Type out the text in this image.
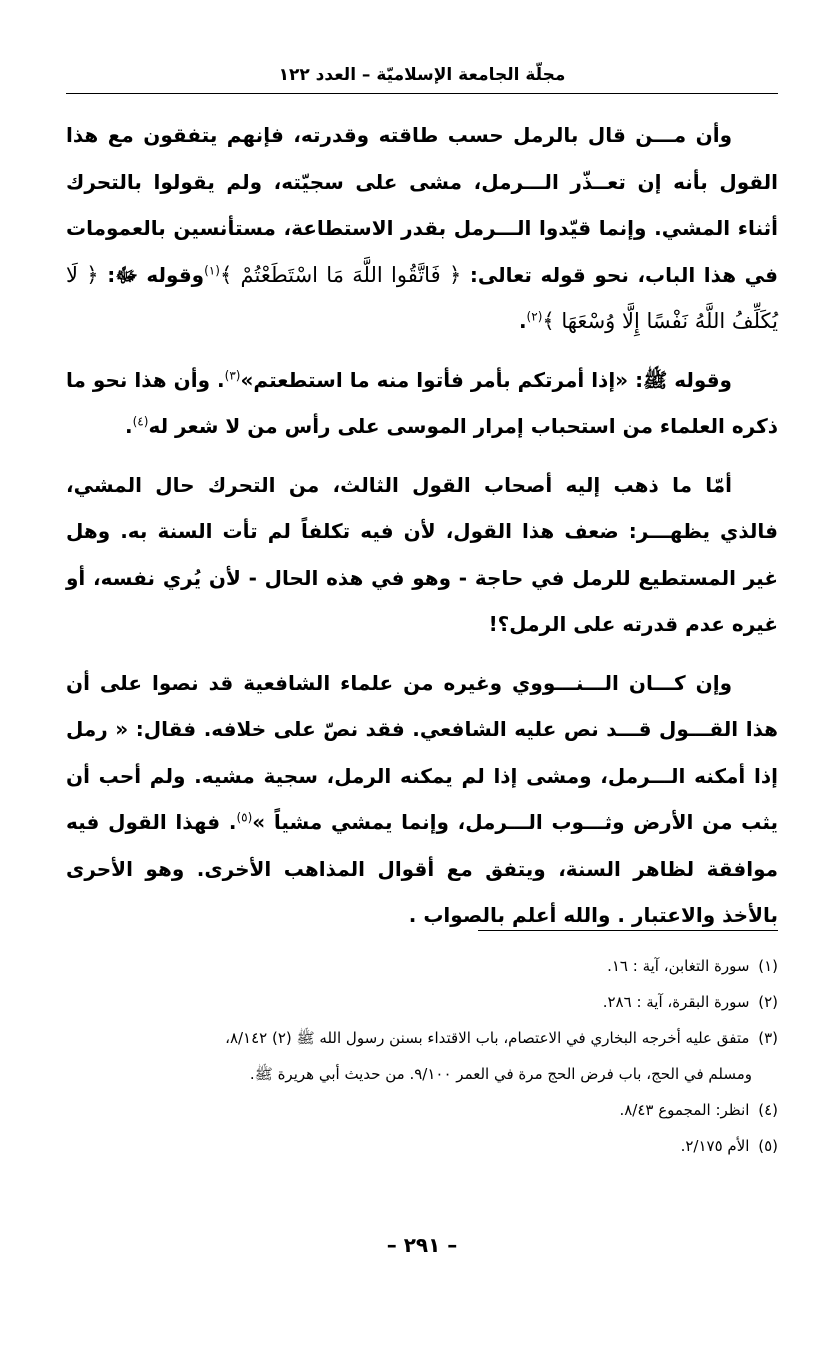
مجلّة الجامعة الإسلاميّة – العدد ١٢٢

وأن مـــن قال بالرمل حسب طاقته وقدرته، فإنهم يتفقون مع هذا القول بأنه إن تعــذّر الـــرمل، مشى على سجيّته، ولم يقولوا بالتحرك أثناء المشي. وإنما قيّدوا الـــرمل بقدر الاستطاعة، مستأنسين بالعمومات في هذا الباب، نحو قوله تعالى: ﴿ فَاتَّقُوا اللَّهَ مَا اسْتَطَعْتُمْ ﴾$^{(١)}$وقوله ﷻ: ﴿ لَا يُكَلِّفُ اللَّهُ نَفْسًا إِلَّا وُسْعَهَا ﴾$^{(٢)}$.

وقوله ﷺ: «إذا أمرتكم بأمر فأتوا منه ما استطعتم»$^{(٣)}$. وأن هذا نحو ما ذكره العلماء من استحباب إمرار الموسى على رأس من لا شعر له$^{(٤)}$.

أمّا ما ذهب إليه أصحاب القول الثالث، من التحرك حال المشي، فالذي يظهـــر: ضعف هذا القول، لأن فيه تكلفاً لم تأت السنة به. وهل غير المستطيع للرمل في حاجة - وهو في هذه الحال - لأن يُري نفسه، أو غيره عدم قدرته على الرمل؟!

وإن كـــان الـــنـــووي وغيره من علماء الشافعية قد نصوا على أن هذا القـــول قـــد نص عليه الشافعي. فقد نصّ على خلافه. فقال: « رمل إذا أمكنه الـــرمل، ومشى إذا لم يمكنه الرمل، سجية مشيه. ولم أحب أن يثب من الأرض وثـــوب الـــرمل، وإنما يمشي مشياً »$^{(٥)}$. فهذا القول فيه موافقة لظاهر السنة، ويتفق مع أقوال المذاهب الأخرى. وهو الأحرى بالأخذ والاعتبار . والله أعلم بالصواب .

(١) سورة التغابن، آية : ١٦.
(٢) سورة البقرة، آية : ٢٨٦.
(٣) متفق عليه أخرجه البخاري في الاعتصام، باب الاقتداء بسنن رسول الله ﷺ (٢) ٨/١٤٢،
ومسلم في الحج، باب فرض الحج مرة في العمر ٩/١٠٠. من حديث أبي هريرة ﷺ.
(٤) انظر: المجموع ٨/٤٣.
(٥) الأم ٢/١٧٥.
– ٢٩١ –
